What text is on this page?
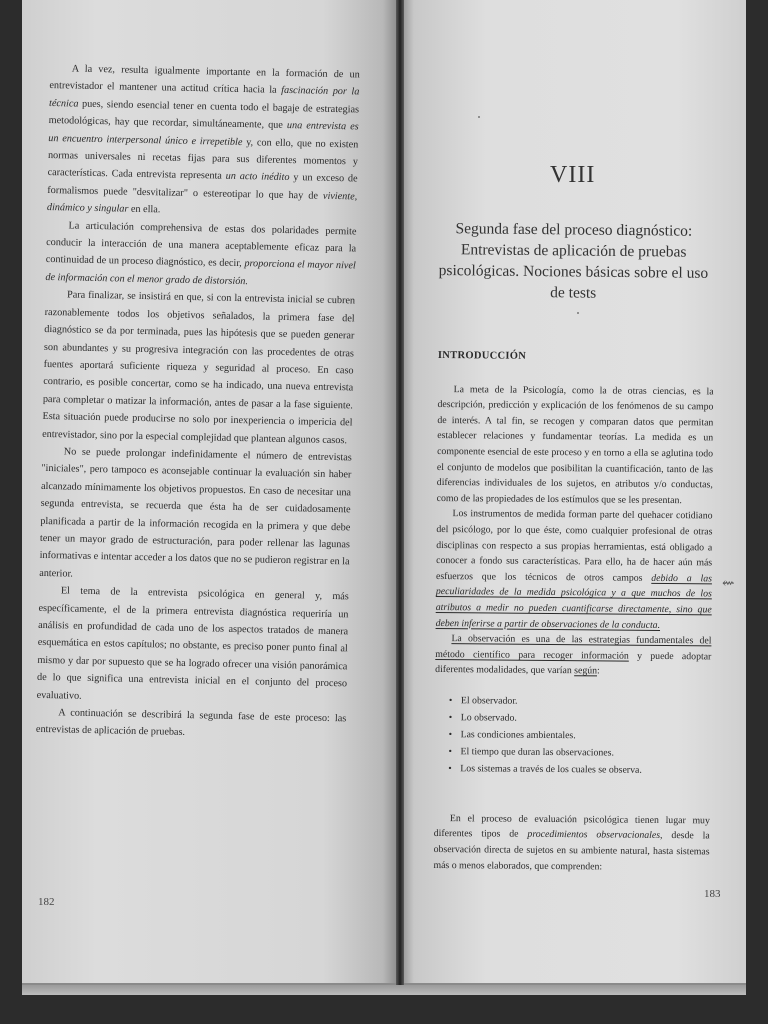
A la vez, resulta igualmente importante en la formación de un entrevistador el mantener una actitud crítica hacia la fascinación por la técnica pues, siendo esencial tener en cuenta todo el bagaje de estrategias metodológicas, hay que recordar, simultáneamente, que una entrevista es un encuentro interpersonal único e irrepetible y, con ello, que no existen normas universales ni recetas fijas para sus diferentes momentos y características. Cada entrevista representa un acto inédito y un exceso de formalismos puede "desvitalizar" o estereotipar lo que hay de viviente, dinámico y singular en ella.

La articulación comprehensiva de estas dos polaridades permite conducir la interacción de una manera aceptablemente eficaz para la continuidad de un proceso diagnóstico, es decir, proporciona el mayor nivel de información con el menor grado de distorsión.

Para finalizar, se insistirá en que, si con la entrevista inicial se cubren razonablemente todos los objetivos señalados, la primera fase del diagnóstico se da por terminada, pues las hipótesis que se pueden generar son abundantes y su progresiva integración con las procedentes de otras fuentes aportará suficiente riqueza y seguridad al proceso. En caso contrario, es posible concertar, como se ha indicado, una nueva entrevista para completar o matizar la información, antes de pasar a la fase siguiente. Esta situación puede producirse no solo por inexperiencia o impericia del entrevistador, sino por la especial complejidad que plantean algunos casos.

No se puede prolongar indefinidamente el número de entrevistas "iniciales", pero tampoco es aconsejable continuar la evaluación sin haber alcanzado mínimamente los objetivos propuestos. En caso de necesitar una segunda entrevista, se recuerda que ésta ha de ser cuidadosamente planificada a partir de la información recogida en la primera y que debe tener un mayor grado de estructuración, para poder rellenar las lagunas informativas e intentar acceder a los datos que no se pudieron registrar en la anterior.

El tema de la entrevista psicológica en general y, más específicamente, el de la primera entrevista diagnóstica requeriría un análisis en profundidad de cada uno de los aspectos tratados de manera esquemática en estos capítulos; no obstante, es preciso poner punto final al mismo y dar por supuesto que se ha logrado ofrecer una visión panorámica de lo que significa una entrevista inicial en el conjunto del proceso evaluativo.

A continuación se describirá la segunda fase de este proceso: las entrevistas de aplicación de pruebas.

182
VIII
Segunda fase del proceso diagnóstico: Entrevistas de aplicación de pruebas psicológicas. Nociones básicas sobre el uso de tests

INTRODUCCIÓN

La meta de la Psicología, como la de otras ciencias, es la descripción, predicción y explicación de los fenómenos de su campo de interés. A tal fin, se recogen y comparan datos que permitan establecer relaciones y fundamentar teorías. La medida es un componente esencial de este proceso y en torno a ella se aglutina todo el conjunto de modelos que posibilitan la cuantificación, tanto de las diferencias individuales de los sujetos, en atributos y/o conductas, como de las propiedades de los estímulos que se les presentan.

Los instrumentos de medida forman parte del quehacer cotidiano del psicólogo, por lo que éste, como cualquier profesional de otras disciplinas con respecto a sus propias herramientas, está obligado a conocer a fondo sus características. Para ello, ha de hacer aún más esfuerzos que los técnicos de otros campos debido a las peculiaridades de la medida psicológica y a que muchos de los atributos a medir no pueden cuantificarse directamente, sino que deben inferirse a partir de observaciones de la conducta.

La observación es una de las estrategias fundamentales del método científico para recoger información y puede adoptar diferentes modalidades, que varían según:

• El observador.
• Lo observado.
• Las condiciones ambientales.
• El tiempo que duran las observaciones.
• Los sistemas a través de los cuales se observa.

En el proceso de evaluación psicológica tienen lugar muy diferentes tipos de procedimientos observacionales, desde la observación directa de sujetos en su ambiente natural, hasta sistemas más o menos elaborados, que comprenden:

⇜
183
